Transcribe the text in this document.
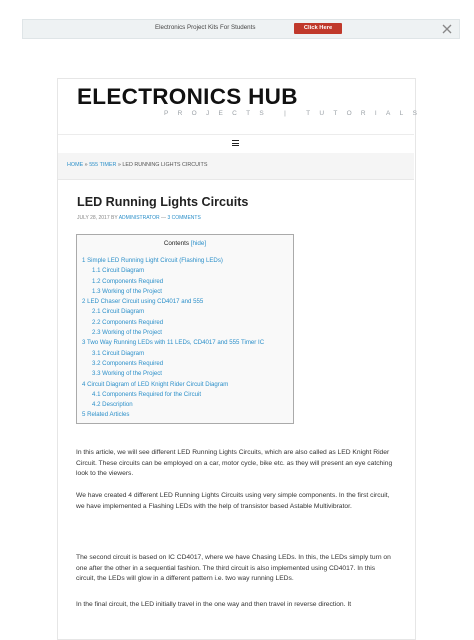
Electronics Project Kits For Students	Click Here
ELECTRONICS HUB
PROJECTS | TUTORIALS
HOME » 555 TIMER » LED RUNNING LIGHTS CIRCUITS
LED Running Lights Circuits
JULY 28, 2017 BY ADMINISTRATOR — 3 COMMENTS
Contents [hide]
1 Simple LED Running Light Circuit (Flashing LEDs)
1.1 Circuit Diagram
1.2 Components Required
1.3 Working of the Project
2 LED Chaser Circuit using CD4017 and 555
2.1 Circuit Diagram
2.2 Components Required
2.3 Working of the Project
3 Two Way Running LEDs with 11 LEDs, CD4017 and 555 Timer IC
3.1 Circuit Diagram
3.2 Components Required
3.3 Working of the Project
4 Circuit Diagram of LED Knight Rider Circuit Diagram
4.1 Components Required for the Circuit
4.2 Description
5 Related Articles

In this article, we will see different LED Running Lights Circuits, which are also called as LED Knight Rider Circuit. These circuits can be employed on a car, motor cycle, bike etc. as they will present an eye catching look to the viewers.

We have created 4 different LED Running Lights Circuits using very simple components. In the first circuit, we have implemented a Flashing LEDs with the help of transistor based Astable Multivibrator.

The second circuit is based on IC CD4017, where we have Chasing LEDs. In this, the LEDs simply turn on one after the other in a sequential fashion. The third circuit is also implemented using CD4017. In this circuit, the LEDs will glow in a different pattern i.e. two way running LEDs.

In the final circuit, the LED initially travel in the one way and then travel in reverse direction. It
